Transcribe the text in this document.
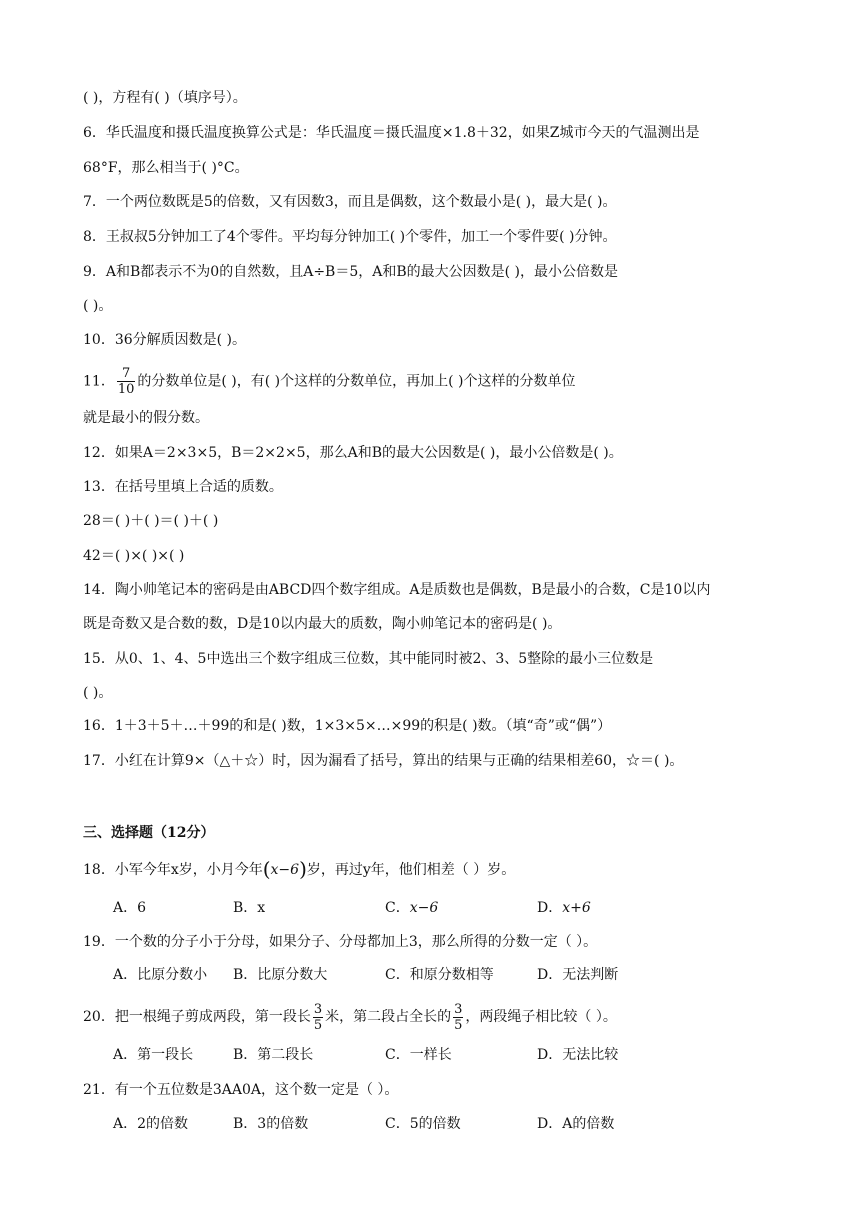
( )，方程有( )（填序号）。
6．华氏温度和摄氏温度换算公式是：华氏温度＝摄氏温度×1.8＋32，如果Z城市今天的气温测出是
68°F，那么相当于( )°C。
7．一个两位数既是5的倍数，又有因数3，而且是偶数，这个数最小是( )，最大是( )。
8．王叔叔5分钟加工了4个零件。平均每分钟加工( )个零件，加工一个零件要( )分钟。
9．A和B都表示不为0的自然数，且A÷B＝5，A和B的最大公因数是( )，最小公倍数是
( )。
10．36分解质因数是( )。
11． $\frac{7}{10}$ 的分数单位是( )，有( )个这样的分数单位，再加上( )个这样的分数单位
就是最小的假分数。
12．如果A＝2×3×5，B＝2×2×5，那么A和B的最大公因数是( )，最小公倍数是( )。
13．在括号里填上合适的质数。
28＝( )＋( )＝( )＋( )
42＝( )×( )×( )
14．陶小帅笔记本的密码是由ABCD四个数字组成。A是质数也是偶数，B是最小的合数，C是10以内
既是奇数又是合数的数，D是10以内最大的质数，陶小帅笔记本的密码是( )。
15．从0、1、4、5中选出三个数字组成三位数，其中能同时被2、3、5整除的最小三位数是
( )。
16．1＋3＋5＋…＋99的和是( )数，1×3×5×…×99的积是( )数。（填“奇”或“偶”）
17．小红在计算9×（△＋☆）时，因为漏看了括号，算出的结果与正确的结果相差60，☆＝( )。
三、选择题（12分）
18．小军今年x岁，小月今年(x−6)岁，再过y年，他们相差（ ）岁。
A．6	B．x	C．x−6	D．x+6
19．一个数的分子小于分母，如果分子、分母都加上3，那么所得的分数一定（ ）。
A．比原分数小 B．比原分数大	C．和原分数相等	D．无法判断
20．把一根绳子剪成两段，第一段长 $\frac{3}{5}$ 米，第二段占全长的 $\frac{3}{5}$ ，两段绳子相比较（ ）。
A．第一段长	B．第二段长	C．一样长	D．无法比较
21．有一个五位数是3AA0A，这个数一定是（ ）。
A．2的倍数	B．3的倍数	C．5的倍数	D．A的倍数
